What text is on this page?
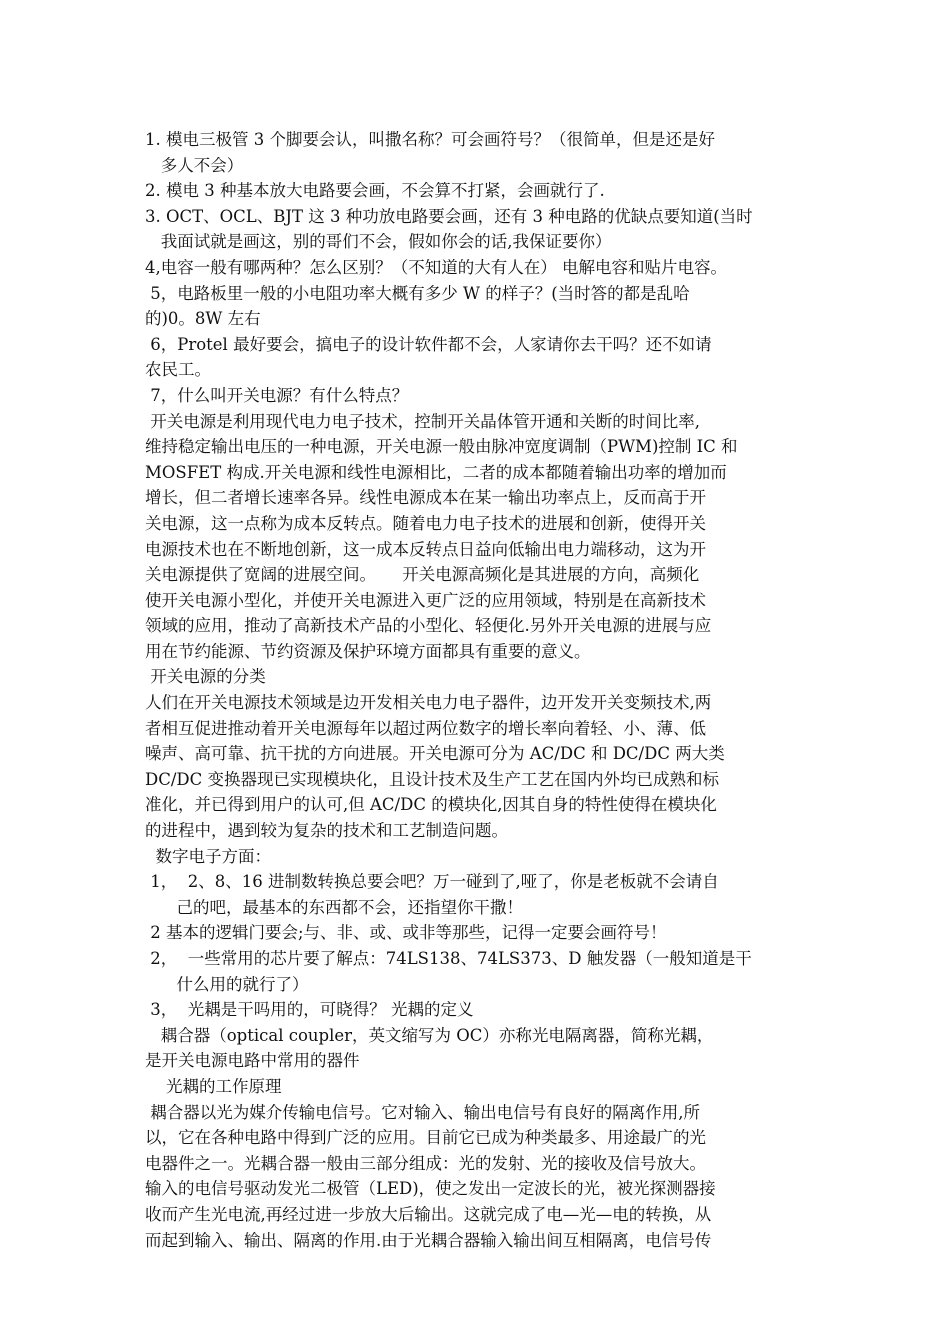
1. 模电三极管 3 个脚要会认，叫撒名称？可会画符号？（很简单，但是还是好
多人不会）
2. 模电 3 种基本放大电路要会画，不会算不打紧，会画就行了.
3. OCT、OCL、BJT 这 3 种功放电路要会画，还有 3 种电路的优缺点要知道(当时
我面试就是画这，别的哥们不会，假如你会的话,我保证要你）
4,电容一般有哪两种？怎么区别？（不知道的大有人在） 电解电容和贴片电容。
5，电路板里一般的小电阻功率大概有多少 W 的样子？(当时答的都是乱哈
的)0。8W 左右
6，Protel 最好要会，搞电子的设计软件都不会，人家请你去干吗？还不如请
农民工。
7，什么叫开关电源？有什么特点？
开关电源是利用现代电力电子技术，控制开关晶体管开通和关断的时间比率,
维持稳定输出电压的一种电源，开关电源一般由脉冲宽度调制（PWM)控制 IC 和
MOSFET 构成.开关电源和线性电源相比，二者的成本都随着输出功率的增加而
增长，但二者增长速率各异。线性电源成本在某一输出功率点上，反而高于开
关电源，这一点称为成本反转点。随着电力电子技术的进展和创新，使得开关
电源技术也在不断地创新，这一成本反转点日益向低输出电力端移动，这为开
关电源提供了宽阔的进展空间。     开关电源高频化是其进展的方向，高频化
使开关电源小型化，并使开关电源进入更广泛的应用领域，特别是在高新技术
领域的应用，推动了高新技术产品的小型化、轻便化.另外开关电源的进展与应
用在节约能源、节约资源及保护环境方面都具有重要的意义。
开关电源的分类
人们在开关电源技术领域是边开发相关电力电子器件，边开发开关变频技术,两
者相互促进推动着开关电源每年以超过两位数字的增长率向着轻、小、薄、低
噪声、高可靠、抗干扰的方向进展。开关电源可分为 AC/DC 和 DC/DC 两大类
DC/DC 变换器现已实现模块化，且设计技术及生产工艺在国内外均已成熟和标
准化，并已得到用户的认可,但 AC/DC 的模块化,因其自身的特性使得在模块化
的进程中，遇到较为复杂的技术和工艺制造问题。
数字电子方面：
1，  2、8、16 进制数转换总要会吧？万一碰到了,哑了，你是老板就不会请自
己的吧，最基本的东西都不会，还指望你干撒！
2 基本的逻辑门要会;与、非、或、或非等那些，记得一定要会画符号！
2，  一些常用的芯片要了解点：74LS138、74LS373、D 触发器（一般知道是干
什么用的就行了）
3，  光耦是干吗用的，可晓得？ 光耦的定义
耦合器（optical coupler，英文缩写为 OC）亦称光电隔离器，简称光耦，
是开关电源电路中常用的器件
光耦的工作原理
耦合器以光为媒介传输电信号。它对输入、输出电信号有良好的隔离作用,所
以，它在各种电路中得到广泛的应用。目前它已成为种类最多、用途最广的光
电器件之一。光耦合器一般由三部分组成：光的发射、光的接收及信号放大。
输入的电信号驱动发光二极管（LED)，使之发出一定波长的光，被光探测器接
收而产生光电流,再经过进一步放大后输出。这就完成了电—光—电的转换，从
而起到输入、输出、隔离的作用.由于光耦合器输入输出间互相隔离，电信号传
